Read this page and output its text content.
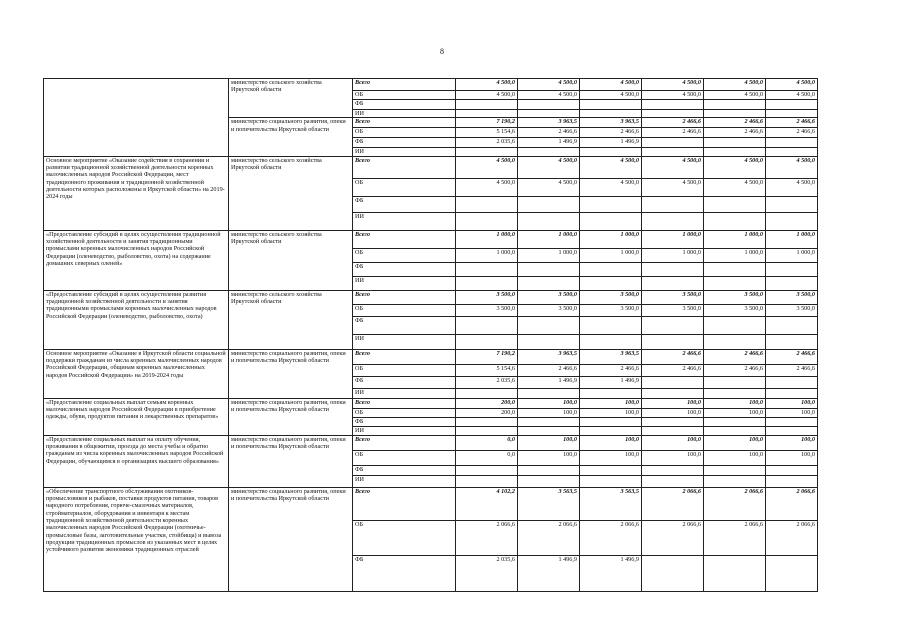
8
	министерство сельского хозяйства Иркутской области	Всего	4 500,0	4 500,0	4 500,0	4 500,0	4 500,0	4 500,0
		ОБ	4 500,0	4 500,0	4 500,0	4 500,0	4 500,0	4 500,0
		ФБ						
		ИИ						
	министерство социального развития, опеки и попечительства Иркутской области	Всего	7 190,2	3 963,5	3 963,5	2 466,6	2 466,6	2 466,6
		ОБ	5 154,6	2 466,6	2 466,6	2 466,6	2 466,6	2 466,6
		ФБ	2 035,6	1 496,9	1 496,9			
		ИИ						
Основное мероприятие «Оказание содействия в сохранении и развитии традиционной хозяйственной деятельности коренных малочисленных народов Российской Федерации, мест традиционного проживания и традиционной хозяйственной деятельности которых расположены в Иркутской области» на 2019-2024 годы	министерство сельского хозяйства Иркутской области	Всего	4 500,0	4 500,0	4 500,0	4 500,0	4 500,0	4 500,0
		ОБ	4 500,0	4 500,0	4 500,0	4 500,0	4 500,0	4 500,0
		ФБ						
		ИИ						
«Предоставление субсидий в целях осуществления традиционной хозяйственной деятельности и занятия традиционными промыслами коренных малочисленных народов Российской Федерации (оленеводство, рыболовство, охота) на содержание домашних северных оленей»	министерство сельского хозяйства Иркутской области	Всего	1 000,0	1 000,0	1 000,0	1 000,0	1 000,0	1 000,0
		ОБ	1 000,0	1 000,0	1 000,0	1 000,0	1 000,0	1 000,0
		ФБ						
		ИИ						
«Предоставление субсидий в целях осуществления развития традиционной хозяйственной деятельности и занятия традиционными промыслами коренных малочисленных народов Российской Федерации (оленеводство, рыболовство, охота)	министерство сельского хозяйства Иркутской области	Всего	3 500,0	3 500,0	3 500,0	3 500,0	3 500,0	3 500,0
		ОБ	3 500,0	3 500,0	3 500,0	3 500,0	3 500,0	3 500,0
		ФБ						
		ИИ						
Основное мероприятие «Оказание в Иркутской области социальной поддержки гражданам из числа коренных малочисленных народов Российской Федерации, общинам коренных малочисленных народов Российской Федерации» на 2019-2024 годы	министерство социального развития, опеки и попечительства Иркутской области	Всего	7 190,2	3 963,5	3 963,5	2 466,6	2 466,6	2 466,6
		ОБ	5 154,6	2 466,6	2 466,6	2 466,6	2 466,6	2 466,6
		ФБ	2 035,6	1 496,9	1 496,9			
		ИИ						
«Предоставление социальных выплат семьям коренных малочисленных народов Российской Федерации в приобретение одежды, обуви, продуктов питания и лекарственных препаратов»	министерство социального развития, опеки и попечительства Иркутской области	Всего	200,0	100,0	100,0	100,0	100,0	100,0
		ОБ	200,0	100,0	100,0	100,0	100,0	100,0
		ФБ						
		ИИ						
«Предоставление социальных выплат на оплату обучения, проживания в общежитии, проезда до места учебы и обратно гражданам из числа коренных малочисленных народов Российской Федерации, обучающимся в организациях высшего образования»	министерство социального развития, опеки и попечительства Иркутской области	Всего	0,0	100,0	100,0	100,0	100,0	100,0
		ОБ	0,0	100,0	100,0	100,0	100,0	100,0
		ФБ						
		ИИ						
«Обеспечение транспортного обслуживания охотников-промысловиков и рыбаков, поставки продуктов питания, товаров народного потребления, горюче-смазочных материалов, стройматериалов, оборудования и инвентаря к местам традиционной хозяйственной деятельности коренных малочисленных народов Российской Федерации (охотничье-промысловые базы, заготовительные участки, стойбища) и вывоза продукции традиционных промыслов из указанных мест в целях устойчивого развития экономики традиционных отраслей	министерство социального развития, опеки и попечительства Иркутской области	Всего	4 102,2	3 563,5	3 563,5	2 066,6	2 066,6	2 066,6
		ОБ	2 066,6	2 066,6	2 066,6	2 066,6	2 066,6	2 066,6
		ФБ	2 035,6	1 496,9	1 496,9			
